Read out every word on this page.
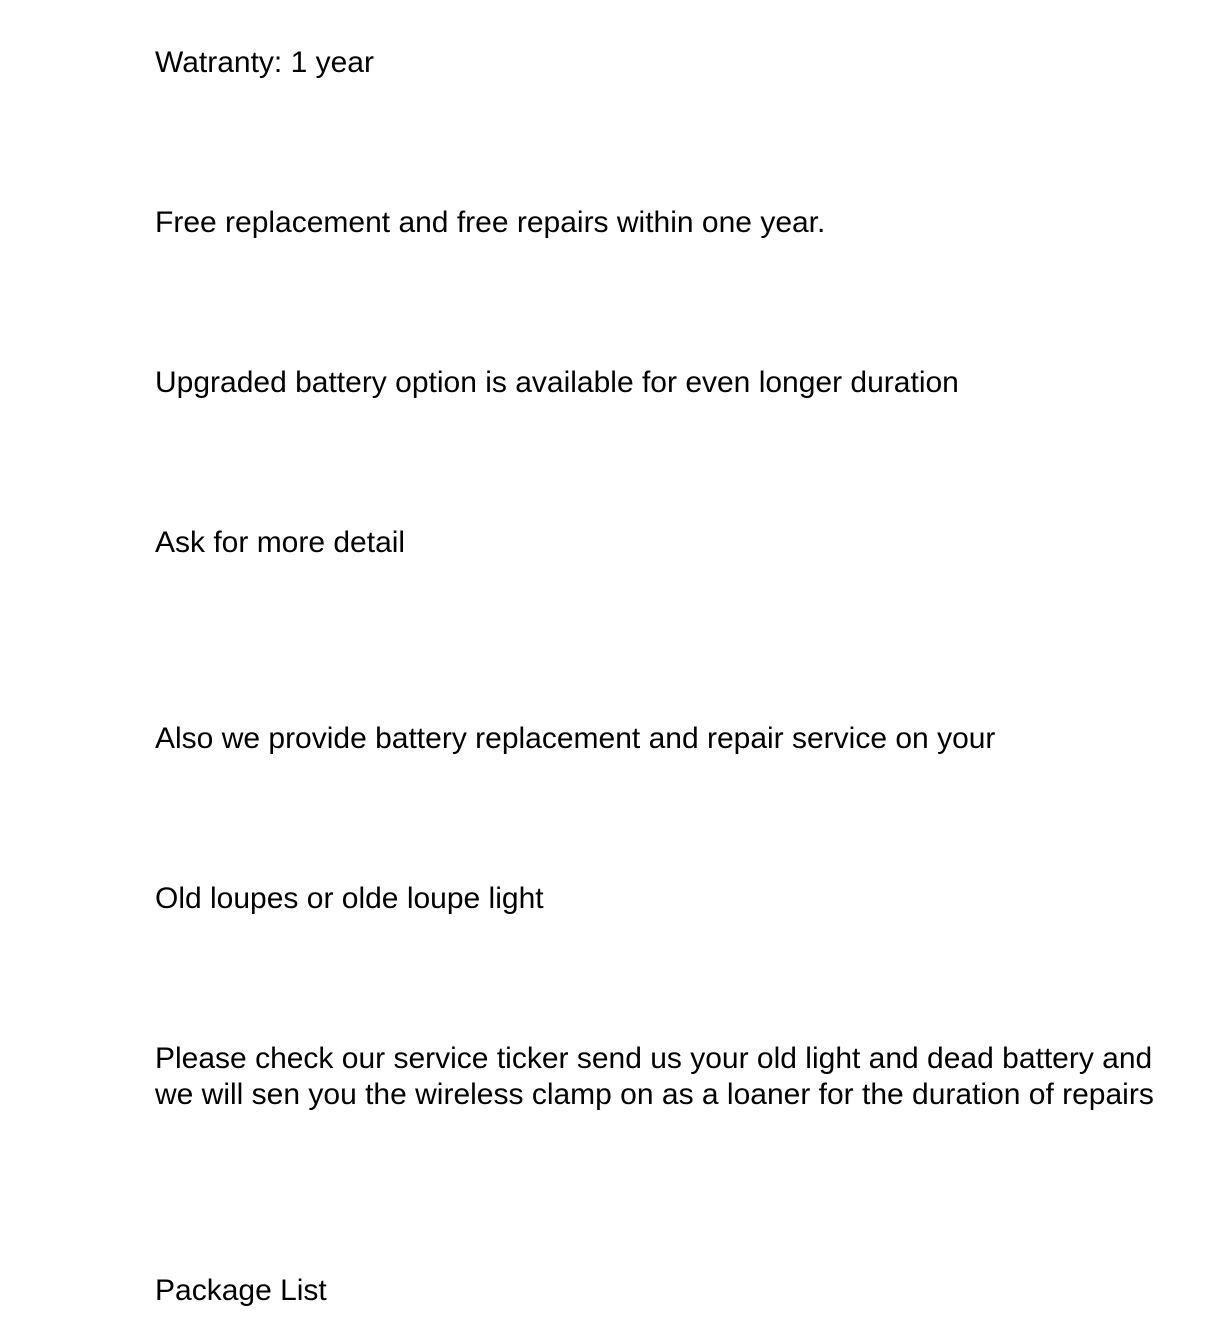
Watranty: 1 year

Free replacement and free repairs within one year.

Upgraded battery option is available for even longer duration

Ask for more detail

Also we provide battery replacement and repair service on your

Old loupes or olde loupe light

Please check our service ticker send us your old light and dead battery and we will sen you the wireless clamp on as a loaner for the duration of repairs

Package List
